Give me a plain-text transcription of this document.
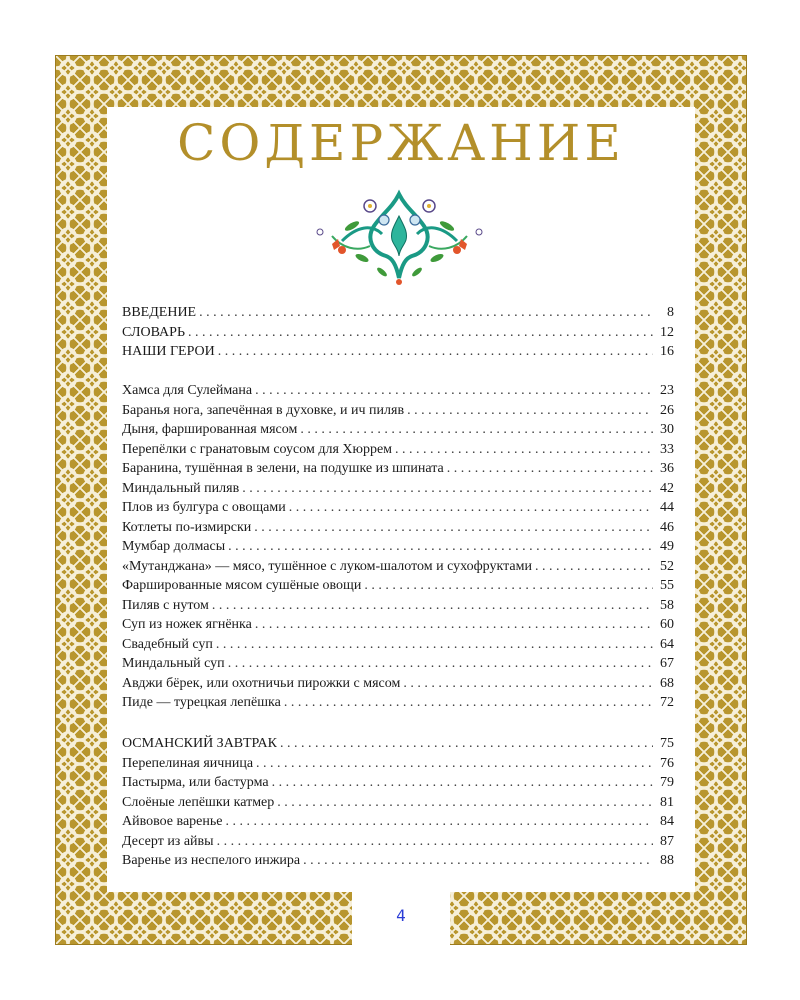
СОДЕРЖАНИЕ
ВВЕДЕНИЕ . . .	8
СЛОВАРЬ . . .	12
НАШИ ГЕРОИ . . .	16
Хамса для Сулеймана . . .	23
Баранья нога, запечённая в духовке, и ич пиляв . . .	26
Дыня, фаршированная мясом . . .	30
Перепёлки с гранатовым соусом для Хюррем . . .	33
Баранина, тушённая в зелени, на подушке из шпината . . .	36
Миндальный пиляв . . .	42
Плов из булгура с овощами . . .	44
Котлеты по-измирски . . .	46
Мумбар долмасы . . .	49
«Мутанджана» — мясо, тушённое с луком-шалотом и сухофруктами . . .	52
Фаршированные мясом сушёные овощи . . .	55
Пиляв с нутом . . .	58
Суп из ножек ягнёнка . . .	60
Свадебный суп . . .	64
Миндальный суп . . .	67
Авджи бёрек, или охотничьи пирожки с мясом . . .	68
Пиде — турецкая лепёшка . . .	72
ОСМАНСКИЙ ЗАВТРАК . . .	75
Перепелиная яичница . . .	76
Пастырма, или бастурма . . .	79
Слоёные лепёшки катмер . . .	81
Айвовое варенье . . .	84
Десерт из айвы . . .	87
Варенье из неспелого инжира . . .	88
4
